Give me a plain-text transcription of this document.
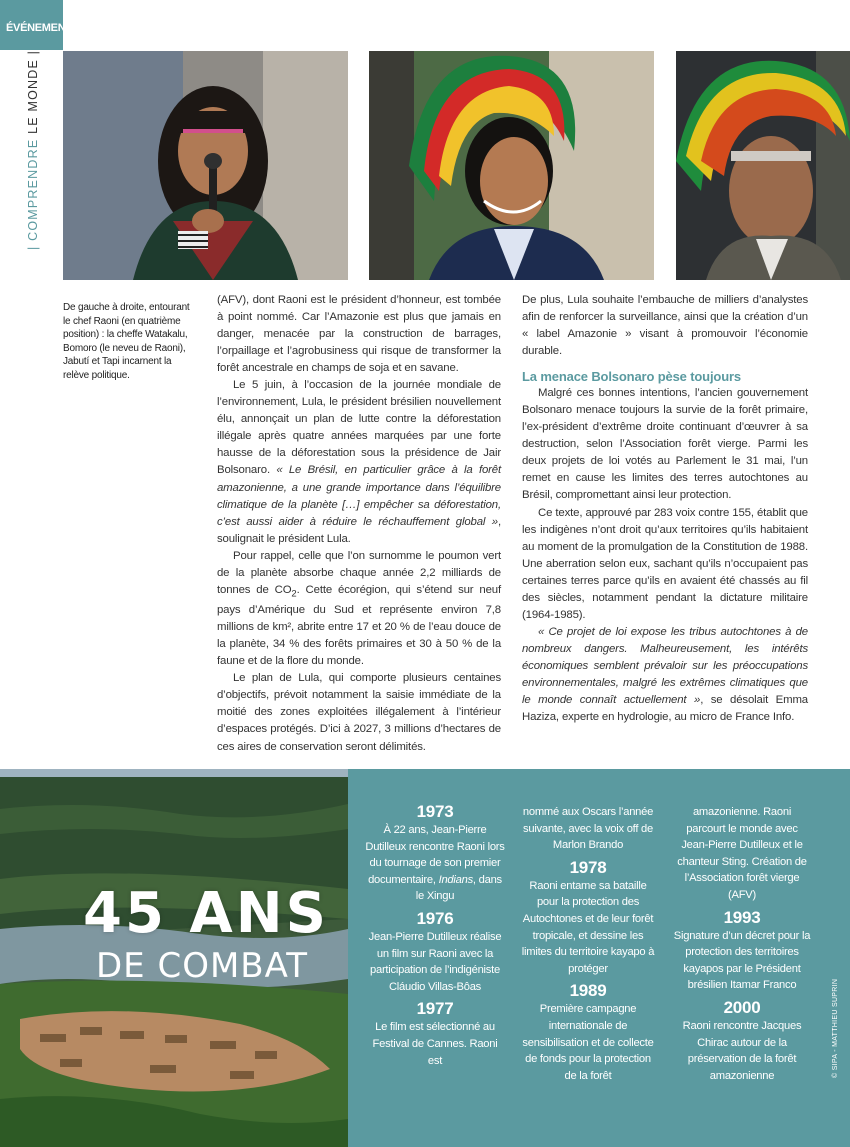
ÉVÉNEMENT
| COMPRENDRE LE MONDE |
De gauche à droite, entourant le chef Raoni (en quatrième position) : la cheffe Watakalu, Bomoro (le neveu de Raoni), Jabutí et Tapi incarnent la relève politique.

(AFV), dont Raoni est le président d’honneur, est tombée à point nommé. Car l’Amazonie est plus que jamais en danger, menacée par la construction de barrages, l’orpaillage et l’agrobusiness qui risque de transformer la forêt ancestrale en champs de soja et en savane.

Le 5 juin, à l’occasion de la journée mondiale de l’environnement, Lula, le président brésilien nouvellement élu, annonçait un plan de lutte contre la déforestation illégale après quatre années marquées par une forte hausse de la déforestation sous la présidence de Jair Bolsonaro. « Le Brésil, en particulier grâce à la forêt amazonienne, a une grande importance dans l’équilibre climatique de la planète […] empêcher sa déforestation, c’est aussi aider à réduire le réchauffement global », soulignait le président Lula.

Pour rappel, celle que l’on surnomme le poumon vert de la planète absorbe chaque année 2,2 milliards de tonnes de $CO_2$. Cette écorégion, qui s’étend sur neuf pays d’Amérique du Sud et représente environ 7,8 millions de km², abrite entre 17 et 20 % de l’eau douce de la planète, 34 % des forêts primaires et 30 à 50 % de la faune et de la flore du monde.

Le plan de Lula, qui comporte plusieurs centaines d’objectifs, prévoit notamment la saisie immédiate de la moitié des zones exploitées illégalement à l’intérieur d’espaces protégés. D’ici à 2027, 3 millions d’hectares de ces aires de conservation seront délimités.

De plus, Lula souhaite l’embauche de milliers d’analystes afin de renforcer la surveillance, ainsi que la création d’un « label Amazonie » visant à promouvoir l’économie durable.

La menace Bolsonaro pèse toujours

Malgré ces bonnes intentions, l’ancien gouvernement Bolsonaro menace toujours la survie de la forêt primaire, l’ex-président d’extrême droite continuant d’œuvrer à sa destruction, selon l’Association forêt vierge. Parmi les deux projets de loi votés au Parlement le 31 mai, l’un remet en cause les limites des terres autochtones au Brésil, compromettant ainsi leur protection.

Ce texte, approuvé par 283 voix contre 155, établit que les indigènes n’ont droit qu’aux territoires qu’ils habitaient au moment de la promulgation de la Constitution de 1988. Une aberration selon eux, sachant qu’ils n’occupaient pas certaines terres parce qu’ils en avaient été chassés au fil des siècles, notamment pendant la dictature militaire (1964-1985).

« Ce projet de loi expose les tribus autochtones à de nombreux dangers. Malheureusement, les intérêts économiques semblent prévaloir sur les préoccupations environnementales, malgré les extrêmes climatiques que le monde connaît actuellement », se désolait Emma Haziza, experte en hydrologie, au micro de France Info.

45 ANS
DE COMBAT
1973
À 22 ans, Jean-Pierre Dutilleux rencontre Raoni lors du tournage de son premier documentaire, Indians, dans le Xingu
1976
Jean-Pierre Dutilleux réalise un film sur Raoni avec la participation de l’indigéniste Cláudio Villas-Bôas
1977
Le film est sélectionné au Festival de Cannes. Raoni est
nommé aux Oscars l’année suivante, avec la voix off de Marlon Brando
1978
Raoni entame sa bataille pour la protection des Autochtones et de leur forêt tropicale, et dessine les limites du territoire kayapo à protéger
1989
Première campagne internationale de sensibilisation et de collecte de fonds pour la protection de la forêt
amazonienne. Raoni parcourt le monde avec Jean-Pierre Dutilleux et le chanteur Sting. Création de l’Association forêt vierge (AFV)
1993
Signature d’un décret pour la protection des territoires kayapos par le Président brésilien Itamar Franco
2000
Raoni rencontre Jacques Chirac autour de la préservation de la forêt amazonienne	© SIPA - MATTHIEU SUPRIN
